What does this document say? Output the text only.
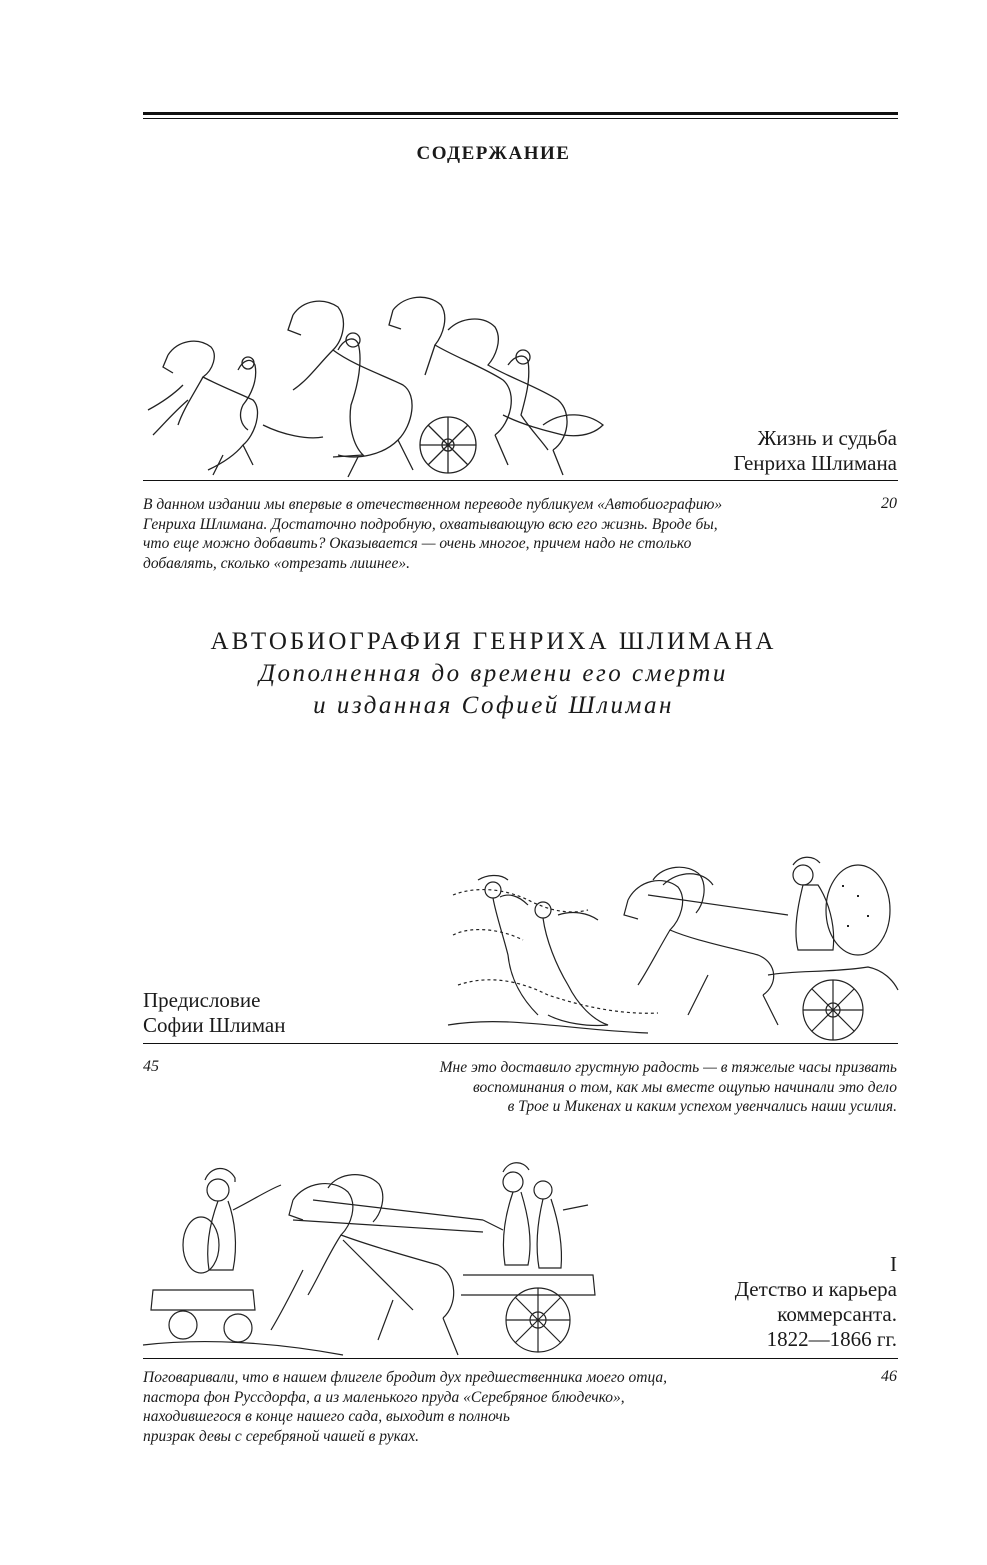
СОДЕРЖАНИЕ
Жизнь и судьба
Генриха Шлимана
В данном издании мы впервые в отечественном переводе публикуем «Автобиографию»
Генриха Шлимана. Достаточно подробную, охватывающую всю его жизнь. Вроде бы,
что еще можно добавить? Оказывается — очень многое, причем надо не столько
добавлять, сколько «отрезать лишнее».
20
АВТОБИОГРАФИЯ ГЕНРИХА ШЛИМАНА
Дополненная до времени его смерти
и изданная Софией Шлиман
Предисловие
Софии Шлиман
45	Мне это доставило грустную радость — в тяжелые часы призвать
воспоминания о том, как мы вместе ощупью начинали это дело
в Трое и Микенах и каким успехом увенчались наши усилия.
I
Детство и карьера
коммерсанта.
1822—1866 гг.
Поговаривали, что в нашем флигеле бродит дух предшественника моего отца,
пастора фон Руссдорфа, а из маленького пруда «Серебряное блюдечко»,
находившегося в конце нашего сада, выходит в полночь
призрак девы с серебряной чашей в руках.
46
